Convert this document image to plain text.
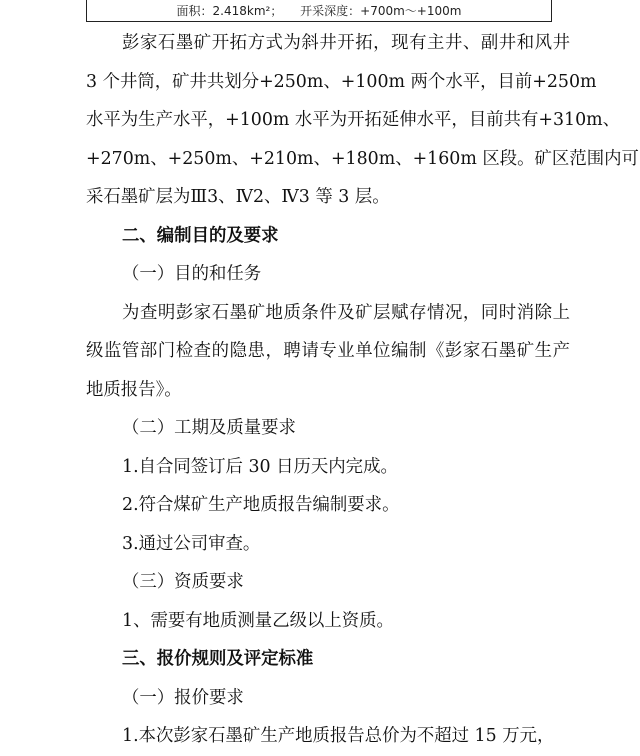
面积：2.418km²； 开采深度：+700m～+100m

彭家石墨矿开拓方式为斜井开拓，现有主井、副井和风井

3 个井筒，矿井共划分+250m、+100m 两个水平，目前+250m

水平为生产水平，+100m 水平为开拓延伸水平，目前共有+310m、

+270m、+250m、+210m、+180m、+160m 区段。矿区范围内可

采石墨矿层为Ⅲ3、Ⅳ2、Ⅳ3 等 3 层。

二、编制目的及要求

（一）目的和任务

为查明彭家石墨矿地质条件及矿层赋存情况，同时消除上

级监管部门检查的隐患，聘请专业单位编制《彭家石墨矿生产

地质报告》。

（二）工期及质量要求

1.自合同签订后 30 日历天内完成。

2.符合煤矿生产地质报告编制要求。

3.通过公司审查。

（三）资质要求

1、需要有地质测量乙级以上资质。

三、报价规则及评定标准

（一）报价要求

1.本次彭家石墨矿生产地质报告总价为不超过 15 万元，
